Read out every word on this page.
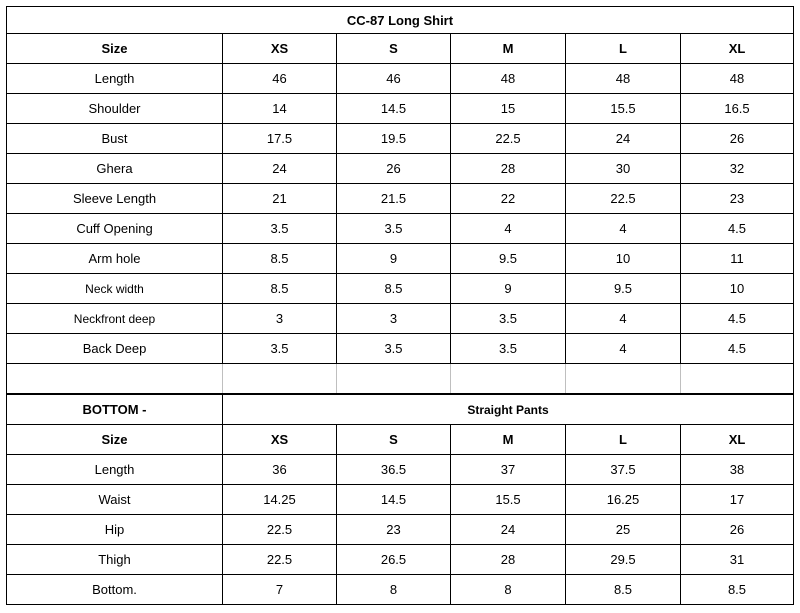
CC-87 Long Shirt					
Size	XS	S	M	L	XL
Length	46	46	48	48	48
Shoulder	14	14.5	15	15.5	16.5
Bust	17.5	19.5	22.5	24	26
Ghera	24	26	28	30	32
Sleeve Length	21	21.5	22	22.5	23
Cuff Opening	3.5	3.5	4	4	4.5
Arm hole	8.5	9	9.5	10	11
Neck width	8.5	8.5	9	9.5	10
Neckfront deep	3	3	3.5	4	4.5
Back Deep	3.5	3.5	3.5	4	4.5

BOTTOM -	Straight Pants				
Size	XS	S	M	L	XL
Length	36	36.5	37	37.5	38
Waist	14.25	14.5	15.5	16.25	17
Hip	22.5	23	24	25	26
Thigh	22.5	26.5	28	29.5	31
Bottom.	7	8	8	8.5	8.5
